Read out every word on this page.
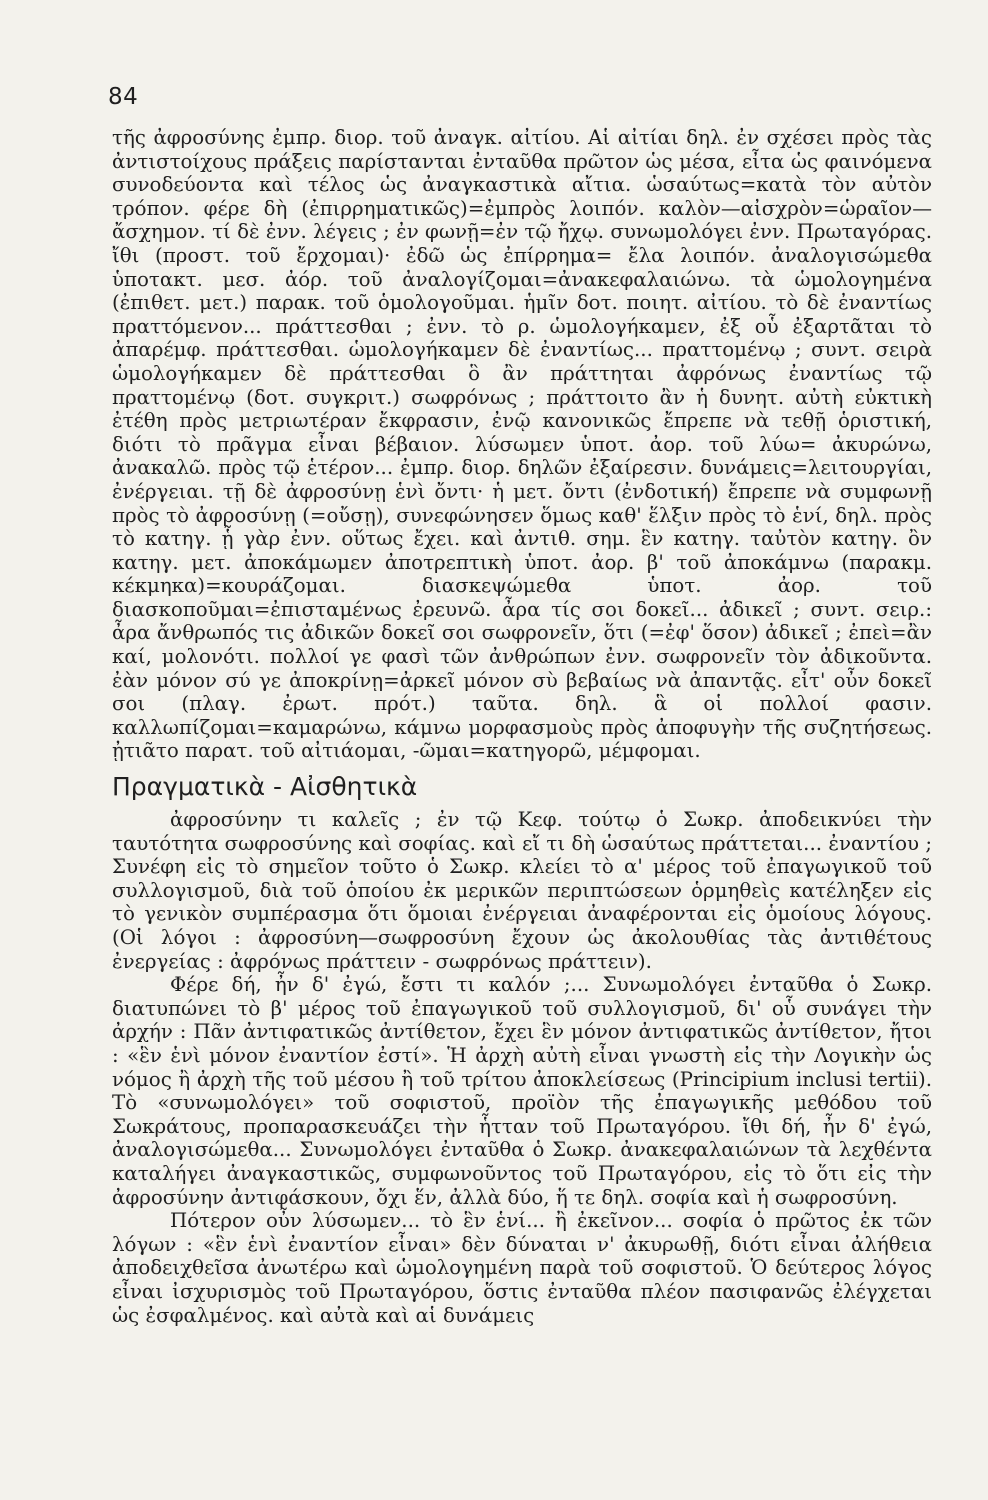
84

τῆς ἀφροσύνης ἐμπρ. διορ. τοῦ ἀναγκ. αἰτίου. Αἱ αἰτίαι δηλ. ἐν σχέσει πρὸς τὰς ἀντιστοίχους πράξεις παρίστανται ἐνταῦθα πρῶτον ὡς μέσα, εἶτα ὡς φαινόμενα συνοδεύοντα καὶ τέλος ὡς ἀναγκαστικὰ αἴτια. ὡσαύτως=κατὰ τὸν αὐτὸν τρόπον. φέρε δὴ (ἐπιρρηματικῶς)=ἐμπρὸς λοιπόν. καλὸν—αἰσχρὸν=ὡραῖον—ἄσχημον. τί δὲ ἐνν. λέγεις ; ἐν φωνῇ=ἐν τῷ ἤχῳ. συνωμολόγει ἐνν. Πρωταγόρας. ἴθι (προστ. τοῦ ἔρχομαι)· ἐδῶ ὡς ἐπίρρημα= ἔλα λοιπόν. ἀναλογισώμεθα ὑποτακτ. μεσ. ἀόρ. τοῦ ἀναλογίζομαι=ἀνακεφαλαιώνω. τὰ ὡμολογημένα (ἐπιθετ. μετ.) παρακ. τοῦ ὁμολογοῦμαι. ἡμῖν δοτ. ποιητ. αἰτίου. τὸ δὲ ἐναντίως πραττόμενον... πράττεσθαι ; ἐνν. τὸ ρ. ὡμολογήκαμεν, ἐξ οὗ ἐξαρτᾶται τὸ ἀπαρέμφ. πράττεσθαι. ὡμολογήκαμεν δὲ ἐναντίως... πραττομένῳ ; συντ. σειρὰ ὡμολογήκαμεν δὲ πράττεσθαι ὃ ἂν πράττηται ἀφρόνως ἐναντίως τῷ πραττομένῳ (δοτ. συγκριτ.) σωφρόνως ; πράττοιτο ἂν ἡ δυνητ. αὐτὴ εὐκτικὴ ἐτέθη πρὸς μετριωτέραν ἔκφρασιν, ἐνῷ κανονικῶς ἔπρεπε νὰ τεθῇ ὁριστική, διότι τὸ πρᾶγμα εἶναι βέβαιον. λύσωμεν ὑποτ. ἀορ. τοῦ λύω= ἀκυρώνω, ἀνακαλῶ. πρὸς τῷ ἑτέρον... ἐμπρ. διορ. δηλῶν ἐξαίρεσιν. δυνάμεις=λειτουργίαι, ἐνέργειαι. τῇ δὲ ἀφροσύνῃ ἑνὶ ὄντι· ἡ μετ. ὄντι (ἐνδοτική) ἔπρεπε νὰ συμφωνῇ πρὸς τὸ ἀφροσύνῃ (=οὔσῃ), συνεφώνησεν ὅμως καθ' ἕλξιν πρὸς τὸ ἑνί, δηλ. πρὸς τὸ κατηγ. ᾗ γὰρ ἐνν. οὕτως ἔχει. καὶ ἀντιθ. σημ. ἓν κατηγ. ταὐτὸν κατηγ. ὂν κατηγ. μετ. ἀποκάμωμεν ἀποτρεπτικὴ ὑποτ. ἀορ. β' τοῦ ἀποκάμνω (παρακμ. κέκμηκα)=κουράζομαι. διασκεψώμεθα ὑποτ. ἀορ. τοῦ διασκοποῦμαι=ἐπισταμένως ἐρευνῶ. ἆρα τίς σοι δοκεῖ... ἀδικεῖ ; συντ. σειρ.: ἆρα ἄνθρωπός τις ἀδικῶν δοκεῖ σοι σωφρονεῖν, ὅτι (=ἐφ' ὅσον) ἀδικεῖ ; ἐπεὶ=ἂν καί, μολονότι. πολλοί γε φασὶ τῶν ἀνθρώπων ἐνν. σωφρονεῖν τὸν ἀδικοῦντα. ἐὰν μόνον σύ γε ἀποκρίνῃ=ἀρκεῖ μόνον σὺ βεβαίως νὰ ἀπαντᾷς. εἶτ' οὖν δοκεῖ σοι (πλαγ. ἐρωτ. πρότ.) ταῦτα. δηλ. ἃ οἱ πολλοί φασιν. καλλωπίζομαι=καμαρώνω, κάμνω μορφασμοὺς πρὸς ἀποφυγὴν τῆς συζητήσεως. ᾐτιᾶτο παρατ. τοῦ αἰτιάομαι, -ῶμαι=κατηγορῶ, μέμφομαι.

Πραγματικὰ - Αἰσθητικὰ

ἀφροσύνην τι καλεῖς ; ἐν τῷ Κεφ. τούτῳ ὁ Σωκρ. ἀποδεικνύει τὴν ταυτότητα σωφροσύνης καὶ σοφίας. καὶ εἴ τι δὴ ὡσαύτως πράττεται... ἐναντίου ; Συνέφη εἰς τὸ σημεῖον τοῦτο ὁ Σωκρ. κλείει τὸ α' μέρος τοῦ ἐπαγωγικοῦ τοῦ συλλογισμοῦ, διὰ τοῦ ὁποίου ἐκ μερικῶν περιπτώσεων ὁρμηθεὶς κατέληξεν εἰς τὸ γενικὸν συμπέρασμα ὅτι ὅμοιαι ἐνέργειαι ἀναφέρονται εἰς ὁμοίους λόγους. (Οἱ λόγοι : ἀφροσύνη—σωφροσύνη ἔχουν ὡς ἀκολουθίας τὰς ἀντιθέτους ἐνεργείας : ἀφρόνως πράττειν - σωφρόνως πράττειν).

Φέρε δή, ἦν δ' ἐγώ, ἔστι τι καλόν ;... Συνωμολόγει ἐνταῦθα ὁ Σωκρ. διατυπώνει τὸ β' μέρος τοῦ ἐπαγωγικοῦ τοῦ συλλογισμοῦ, δι' οὗ συνάγει τὴν ἀρχήν : Πᾶν ἀντιφατικῶς ἀντίθετον, ἔχει ἓν μόνον ἀντιφατικῶς ἀντίθετον, ἤτοι : «ἓν ἑνὶ μόνον ἐναντίον ἐστί». Ἡ ἀρχὴ αὐτὴ εἶναι γνωστὴ εἰς τὴν Λογικὴν ὡς νόμος ἢ ἀρχὴ τῆς τοῦ μέσου ἢ τοῦ τρίτου ἀποκλείσεως (Principium inclusi tertii). Τὸ «συνωμολόγει» τοῦ σοφιστοῦ, προϊὸν τῆς ἐπαγωγικῆς μεθόδου τοῦ Σωκράτους, προπαρασκευάζει τὴν ἧτταν τοῦ Πρωταγόρου. ἴθι δή, ἦν δ' ἐγώ, ἀναλογισώμεθα... Συνωμολόγει ἐνταῦθα ὁ Σωκρ. ἀνακεφαλαιώνων τὰ λεχθέντα καταλήγει ἀναγκαστικῶς, συμφωνοῦντος τοῦ Πρωταγόρου, εἰς τὸ ὅτι εἰς τὴν ἀφροσύνην ἀντιφάσκουν, ὄχι ἕν, ἀλλὰ δύο, ἥ τε δηλ. σοφία καὶ ἡ σωφροσύνη.

Πότερον οὖν λύσωμεν... τὸ ἓν ἑνί... ἢ ἐκεῖνον... σοφία ὁ πρῶτος ἐκ τῶν λόγων : «ἓν ἑνὶ ἐναντίον εἶναι» δὲν δύναται ν' ἀκυρωθῇ, διότι εἶναι ἀλήθεια ἀποδειχθεῖσα ἀνωτέρω καὶ ὡμολογημένη παρὰ τοῦ σοφιστοῦ. Ὁ δεύτερος λόγος εἶναι ἰσχυρισμὸς τοῦ Πρωταγόρου, ὅστις ἐνταῦθα πλέον πασιφανῶς ἐλέγχεται ὡς ἐσφαλμένος. καὶ αὐτὰ καὶ αἱ δυνάμεις
